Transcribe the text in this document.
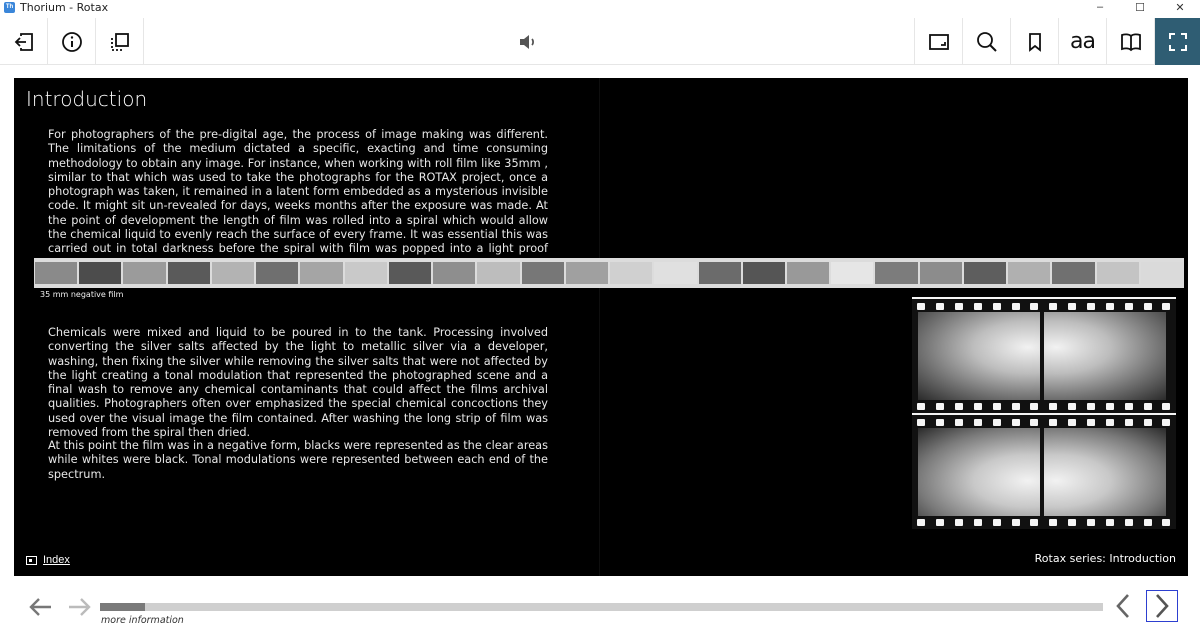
Th Thorium - Rotax	–	☐	✕
aa
Introduction

For photographers of the pre-digital age, the process of image making was different. The limitations of the medium dictated a specific, exacting and time consuming methodology to obtain any image. For instance, when working with roll film like 35mm , similar to that which was used to take the photographs for the ROTAX project, once a photograph was taken, it remained in a latent form embedded as a mysterious invisible code. It might sit un-revealed for days, weeks months after the exposure was made. At the point of development the length of film was rolled into a spiral which would allow the chemical liquid to evenly reach the surface of every frame. It was essential this was carried out in total darkness before the spiral with film was popped into a light proof

35 mm negative film

Chemicals were mixed and liquid to be poured in to the tank. Processing involved converting the silver salts affected by the light to metallic silver via a developer, washing, then fixing the silver while removing the silver salts that were not affected by the light creating a tonal modulation that represented the photographed scene and a final wash to remove any chemical contaminants that could affect the films archival qualities. Photographers often over emphasized the special chemical concoctions they used over the visual image the film contained. After washing the long strip of film was removed from the spiral then dried.

At this point the film was in a negative form, blacks were represented as the clear areas while whites were black. Tonal modulations were represented between each end of the spectrum.

Index	Rotax series: Introduction
more information
